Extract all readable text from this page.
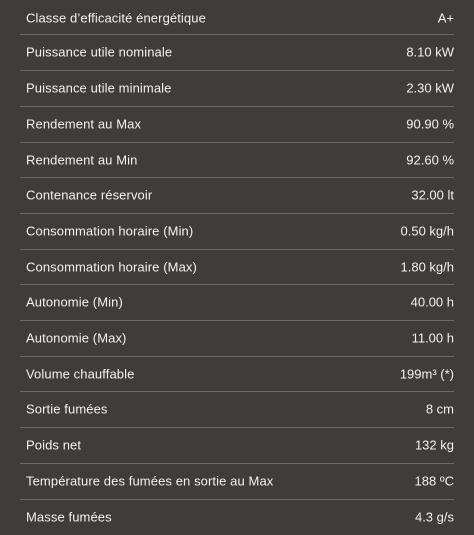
Classe d’efficacité énergétique	A+
Puissance utile nominale	8.10 kW
Puissance utile minimale	2.30 kW
Rendement au Max	90.90 %
Rendement au Min	92.60 %
Contenance réservoir	32.00 lt
Consommation horaire (Min)	0.50 kg/h
Consommation horaire (Max)	1.80 kg/h
Autonomie (Min)	40.00 h
Autonomie (Max)	11.00 h
Volume chauffable	199m³ (*)
Sortie fumées	8 cm
Poids net	132 kg
Température des fumées en sortie au Max	188 ºC
Masse fumées	4.3 g/s
